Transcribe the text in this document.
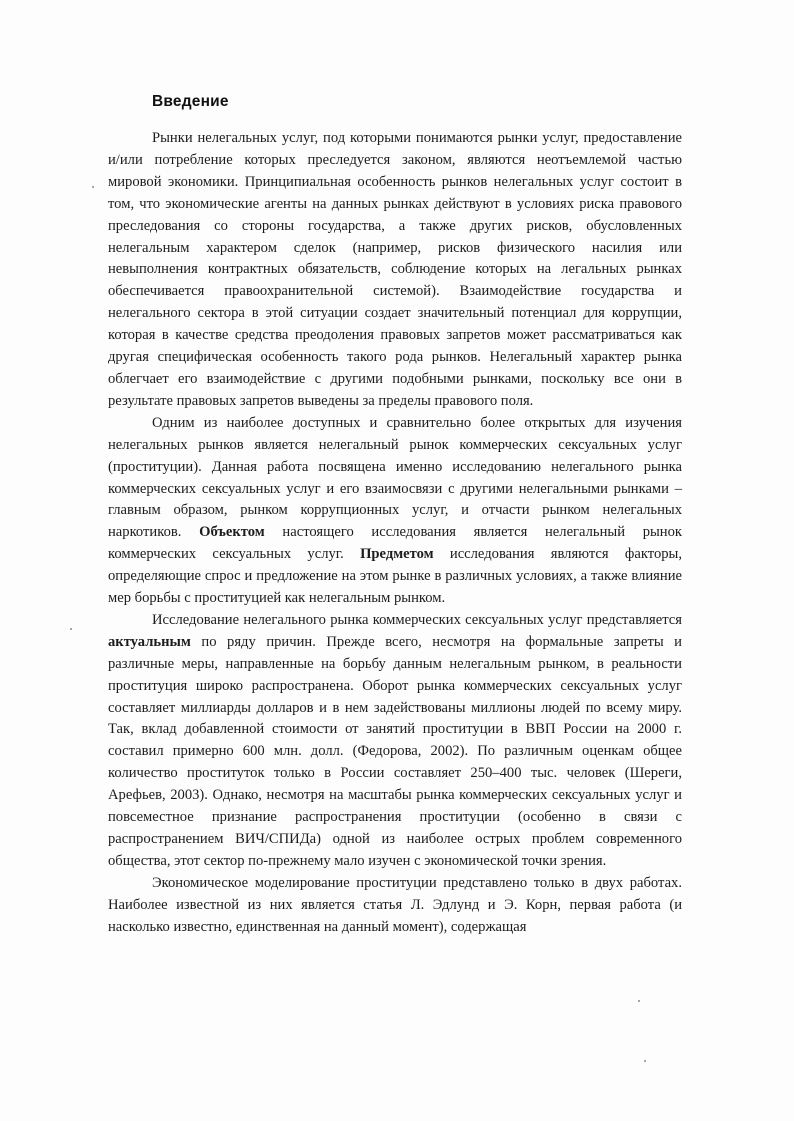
Введение

Рынки нелегальных услуг, под которыми понимаются рынки услуг, предоставление и/или потребление которых преследуется законом, являются неотъемлемой частью мировой экономики. Принципиальная особенность рынков нелегальных услуг состоит в том, что экономические агенты на данных рынках действуют в условиях риска правового преследования со стороны государства, а также других рисков, обусловленных нелегальным характером сделок (например, рисков физического насилия или невыполнения контрактных обязательств, соблюдение которых на легальных рынках обеспечивается правоохранительной системой). Взаимодействие государства и нелегального сектора в этой ситуации создает значительный потенциал для коррупции, которая в качестве средства преодоления правовых запретов может рассматриваться как другая специфическая особенность такого рода рынков. Нелегальный характер рынка облегчает его взаимодействие с другими подобными рынками, поскольку все они в результате правовых запретов выведены за пределы правового поля.

Одним из наиболее доступных и сравнительно более открытых для изучения нелегальных рынков является нелегальный рынок коммерческих сексуальных услуг (проституции). Данная работа посвящена именно исследованию нелегального рынка коммерческих сексуальных услуг и его взаимосвязи с другими нелегальными рынками – главным образом, рынком коррупционных услуг, и отчасти рынком нелегальных наркотиков. Объектом настоящего исследования является нелегальный рынок коммерческих сексуальных услуг. Предметом исследования являются факторы, определяющие спрос и предложение на этом рынке в различных условиях, а также влияние мер борьбы с проституцией как нелегальным рынком.

Исследование нелегального рынка коммерческих сексуальных услуг представляется актуальным по ряду причин. Прежде всего, несмотря на формальные запреты и различные меры, направленные на борьбу данным нелегальным рынком, в реальности проституция широко распространена. Оборот рынка коммерческих сексуальных услуг составляет миллиарды долларов и в нем задействованы миллионы людей по всему миру. Так, вклад добавленной стоимости от занятий проституции в ВВП России на 2000 г. составил примерно 600 млн. долл. (Федорова, 2002). По различным оценкам общее количество проституток только в России составляет 250–400 тыс. человек (Шереги, Арефьев, 2003). Однако, несмотря на масштабы рынка коммерческих сексуальных услуг и повсеместное признание распространения проституции (особенно в связи с распространением ВИЧ/СПИДа) одной из наиболее острых проблем современного общества, этот сектор по-прежнему мало изучен с экономической точки зрения.

Экономическое моделирование проституции представлено только в двух работах. Наиболее известной из них является статья Л. Эдлунд и Э. Корн, первая работа (и насколько известно, единственная на данный момент), содержащая
